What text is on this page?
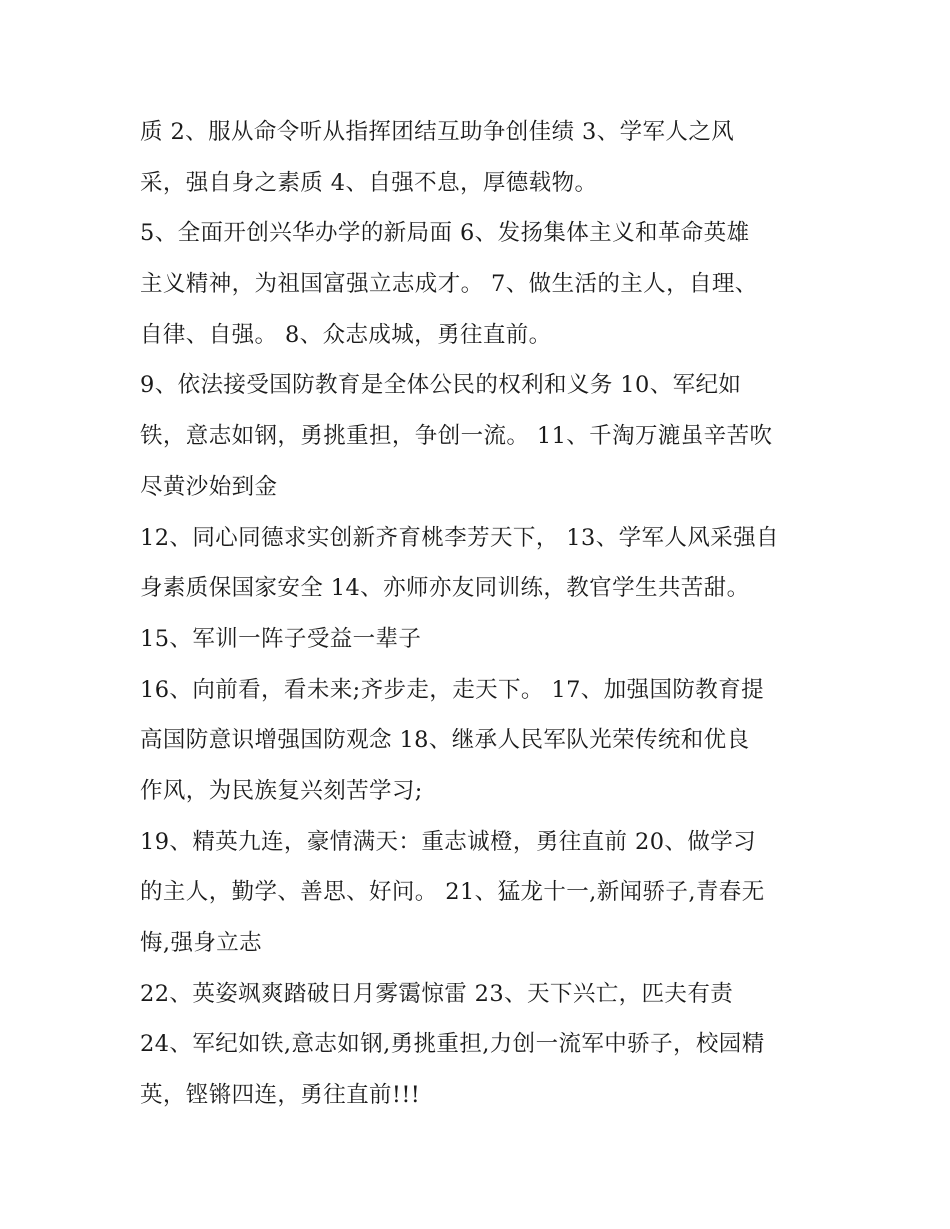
质 2、服从命令听从指挥团结互助争创佳绩 3、学军人之风
采，强自身之素质 4、自强不息，厚德载物。
5、全面开创兴华办学的新局面 6、发扬集体主义和革命英雄
主义精神，为祖国富强立志成才。 7、做生活的主人，自理、
自律、自强。 8、众志成城，勇往直前。
9、依法接受国防教育是全体公民的权利和义务 10、军纪如
铁，意志如钢，勇挑重担，争创一流。 11、千淘万漉虽辛苦吹
尽黄沙始到金
12、同心同德求实创新齐育桃李芳天下， 13、学军人风采强自
身素质保国家安全 14、亦师亦友同训练，教官学生共苦甜。
15、军训一阵子受益一辈子
16、向前看，看未来;齐步走，走天下。 17、加强国防教育提
高国防意识增强国防观念 18、继承人民军队光荣传统和优良
作风，为民族复兴刻苦学习;
19、精英九连，豪情满天：重志诚橙，勇往直前 20、做学习
的主人，勤学、善思、好问。 21、猛龙十一,新闻骄子,青春无
悔,强身立志
22、英姿飒爽踏破日月雾霭惊雷 23、天下兴亡，匹夫有责
24、军纪如铁,意志如钢,勇挑重担,力创一流军中骄子，校园精
英，铿锵四连，勇往直前!!!
